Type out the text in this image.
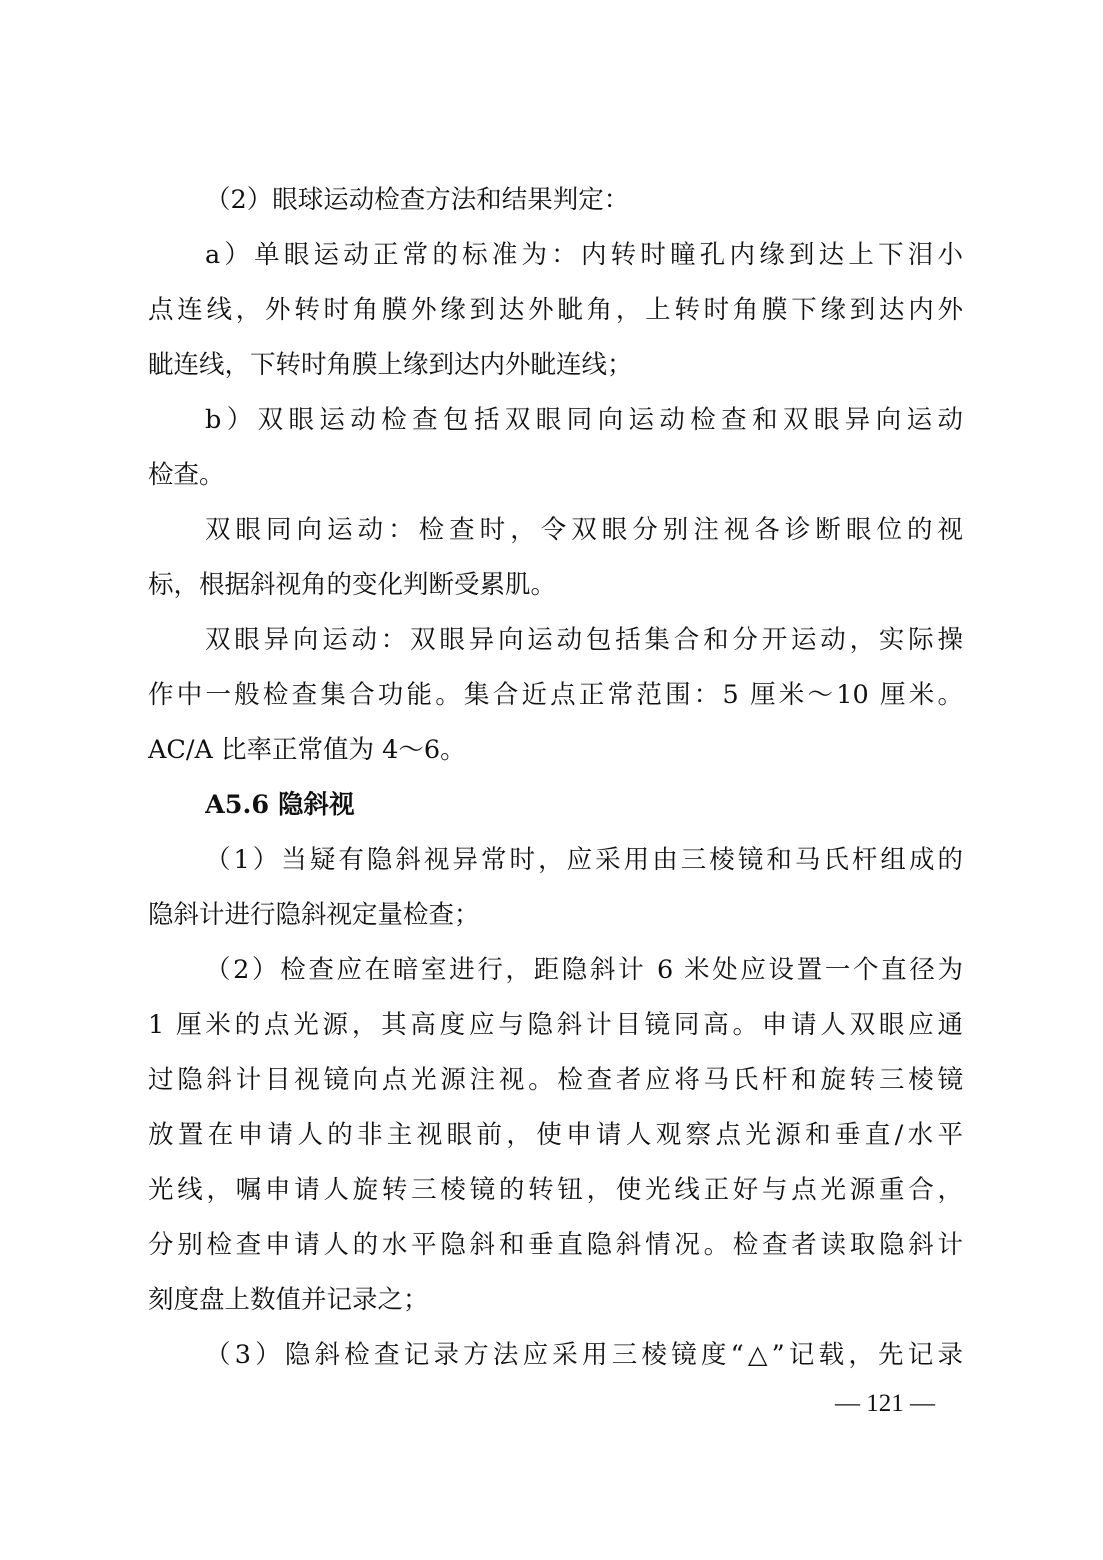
（2）眼球运动检查方法和结果判定：
a）单眼运动正常的标准为：内转时瞳孔内缘到达上下泪小
点连线，外转时角膜外缘到达外眦角，上转时角膜下缘到达内外
眦连线，下转时角膜上缘到达内外眦连线；
b）双眼运动检查包括双眼同向运动检查和双眼异向运动
检查。
双眼同向运动：检查时，令双眼分别注视各诊断眼位的视
标，根据斜视角的变化判断受累肌。
双眼异向运动：双眼异向运动包括集合和分开运动，实际操
作中一般检查集合功能。集合近点正常范围：5 厘米～10 厘米。
AC/A 比率正常值为 4～6。
A5.6 隐斜视
（1）当疑有隐斜视异常时，应采用由三棱镜和马氏杆组成的
隐斜计进行隐斜视定量检查；
（2）检查应在暗室进行，距隐斜计 6 米处应设置一个直径为
1 厘米的点光源，其高度应与隐斜计目镜同高。申请人双眼应通
过隐斜计目视镜向点光源注视。检查者应将马氏杆和旋转三棱镜
放置在申请人的非主视眼前，使申请人观察点光源和垂直/水平
光线，嘱申请人旋转三棱镜的转钮，使光线正好与点光源重合，
分别检查申请人的水平隐斜和垂直隐斜情况。检查者读取隐斜计
刻度盘上数值并记录之；
（3）隐斜检查记录方法应采用三棱镜度“△”记载，先记录
— 121 —
